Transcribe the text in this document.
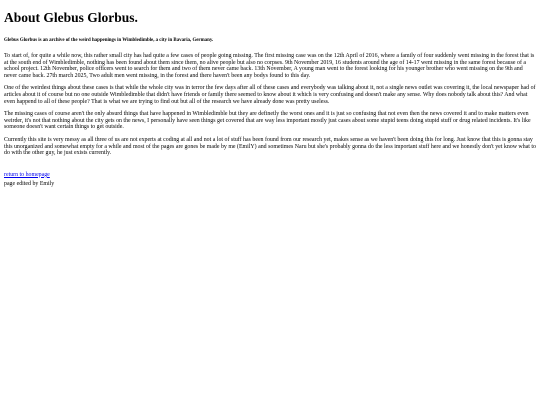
About Glebus Glorbus.
Glebus Glorbus is an archive of the weird happenings in Wimbledimble, a city in Bavaria, Germany.

To start of, for quite a while now, this rather small city has had quite a few cases of people going missing. The first missing case was on the 12th April of 2016, where a family of four suddenly went missing in the forest that is at the south end of Wimbledimble, nothing has been found about them since them, no alive people but also no corpses. 9th November 2019, 16 students around the age of 14-17 went missing in the same forest because of a school project. 12th November, police officers went to search for them and two of them never came back. 13th November, A young man went to the forest looking for his younger brother who went missing on the 9th and never came back. 27th march 2025, Two adult men went missing, in the forest and there haven't been any bodys found to this day.

One of the weirdest things about these cases is that while the whole city was in terror the few days after all of these cases and everybody was talking about it, not a single news outlet was covering it, the local newspaper had of articles about it of course but no one outside Wimbledimble that didn't have friends or family there seemed to know about it which is very confusing and doesn't make any sense. Why does nobody talk about this? And what even happend to all of these people? That is what we are trying to find out but all of the research we have already done was pretty useless.

The missing cases of course aren't the only absurd things that have happened in Wimbledimble but they are definetly the worst ones and it is just so confusing that not even then the news covered it and to make matters even weirder, it's not that nothing about the city gets on the news, I personally have seen things get covered that are way less important mostly just cases about some stupid teens doing stupid stuff or drug related incidents. It's like someone doesn't want certain things to get outside.

Currently this site is very messy as all three of us are not experts at coding at all and not a lot of stuff has been found from our research yet, makes sense as we haven't been doing this for long. Just know that this is gonna stay this unorganized and somewhat empty for a while and most of the pages are gones be made by me (EmilY) and sometimes Naru but she's probably gonna do the less important stuff here and we honestly don't yet know what to do with the other guy, he just exists currently.

return to homepage
page edited by Emily
